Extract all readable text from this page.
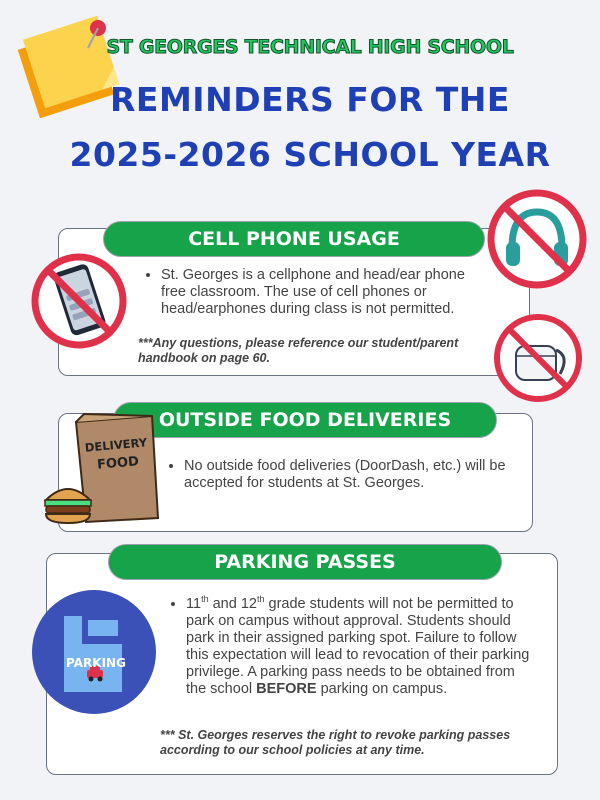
ST GEORGES TECHNICAL HIGH SCHOOL
REMINDERS FOR THE
2025-2026 SCHOOL YEAR
CELL PHONE USAGE
• St. Georges is a cellphone and head/ear phone free classroom. The use of cell phones or head/earphones during class is not permitted.
***Any questions, please reference our student/parent handbook on page 60.
OUTSIDE FOOD DELIVERIES
DELIVERY
FOOD
•	No outside food deliveries (DoorDash, etc.) will be accepted for students at St. Georges.
PARKING PASSES
PARKING
• 11th and 12th grade students will not be permitted to park on campus without approval. Students should park in their assigned parking spot. Failure to follow this expectation will lead to revocation of their parking privilege. A parking pass needs to be obtained from the school BEFORE parking on campus.
*** St. Georges reserves the right to revoke parking passes according to our school policies at any time.
